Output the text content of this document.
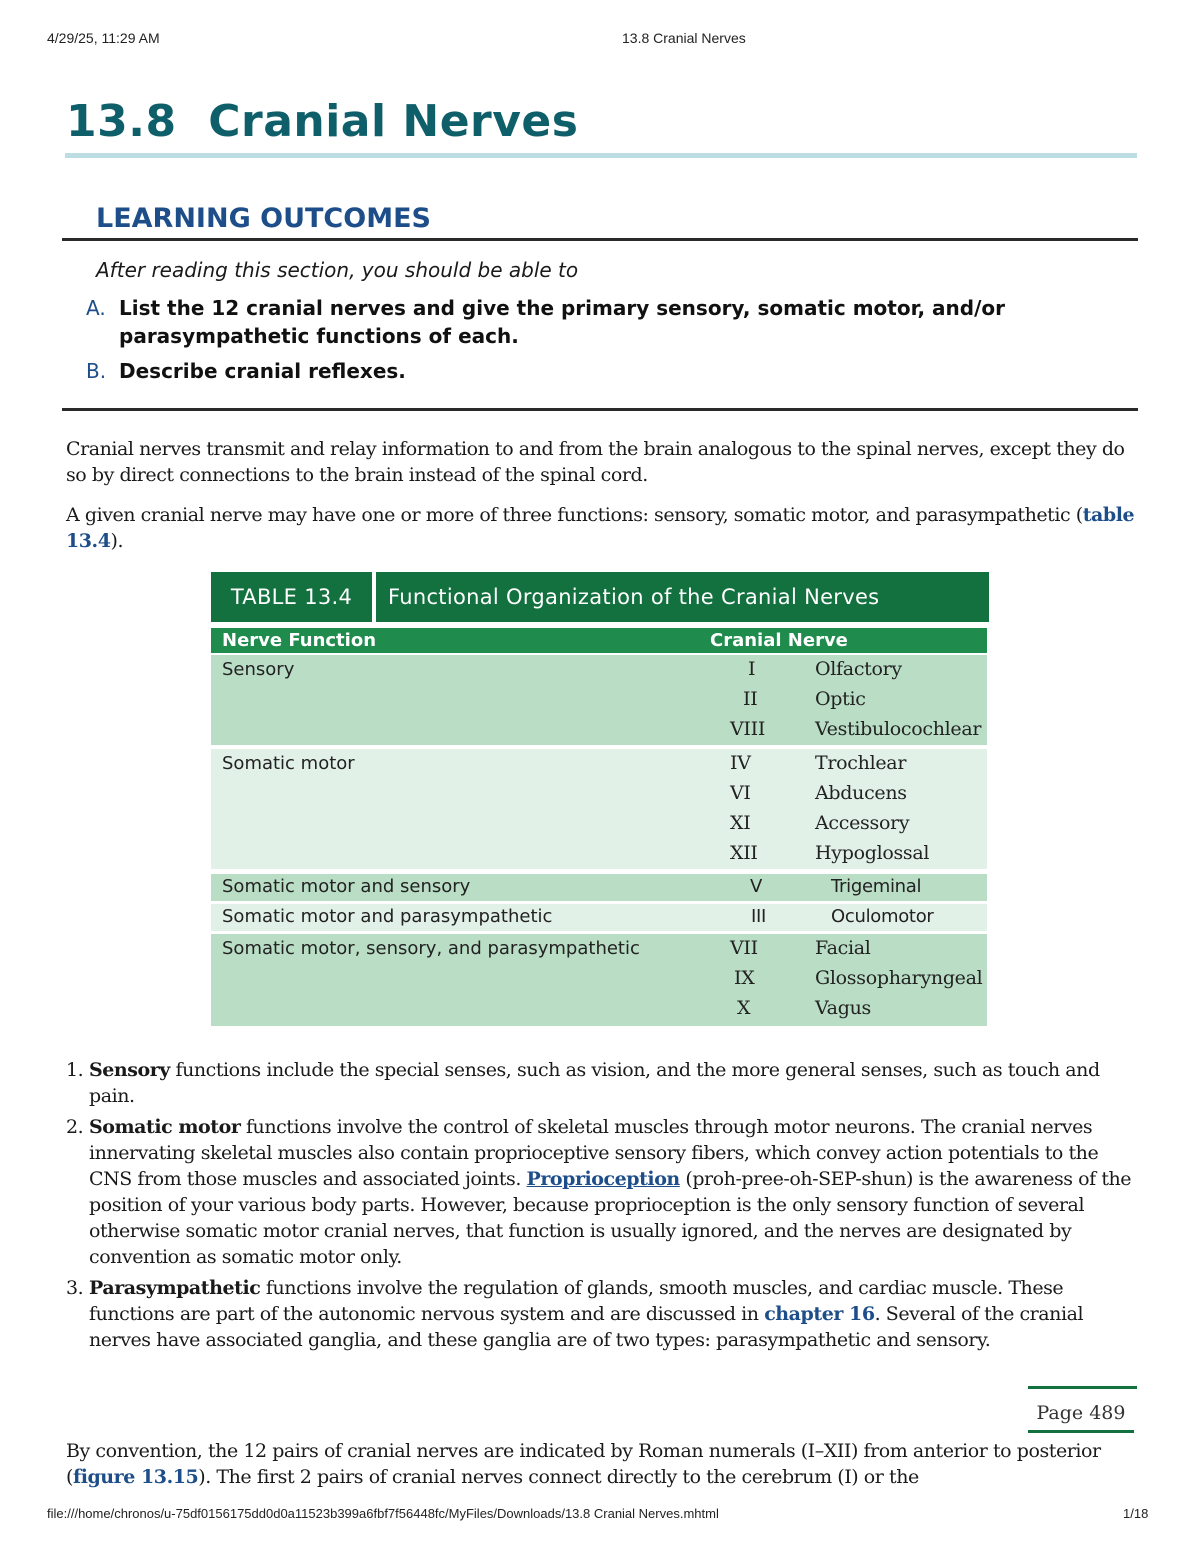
4/29/25, 11:29 AM	13.8 Cranial Nerves
13.8 Cranial Nerves
LEARNING OUTCOMES
After reading this section, you should be able to
A. List the 12 cranial nerves and give the primary sensory, somatic motor, and/or parasympathetic functions of each.
B. Describe cranial reflexes.

Cranial nerves transmit and relay information to and from the brain analogous to the spinal nerves, except they do so by direct connections to the brain instead of the spinal cord.

A given cranial nerve may have one or more of three functions: sensory, somatic motor, and parasympathetic (table 13.4).

TABLE 13.4	Functional Organization of the Cranial Nerves
Nerve Function	Cranial Nerve
Sensory	I	Olfactory
II	Optic
VIII	Vestibulocochlear
Somatic motor	IV	Trochlear
VI	Abducens
XI	Accessory
XII	Hypoglossal
Somatic motor and sensory	V	Trigeminal
Somatic motor and parasympathetic	III	Oculomotor
Somatic motor, sensory, and parasympathetic	VII	Facial
IX	Glossopharyngeal
X	Vagus
1. Sensory functions include the special senses, such as vision, and the more general senses, such as touch and pain.
2. Somatic motor functions involve the control of skeletal muscles through motor neurons. The cranial nerves innervating skeletal muscles also contain proprioceptive sensory fibers, which convey action potentials to the CNS from those muscles and associated joints. Proprioception (proh-pree-oh-SEP-shun) is the awareness of the position of your various body parts. However, because proprioception is the only sensory function of several otherwise somatic motor cranial nerves, that function is usually ignored, and the nerves are designated by convention as somatic motor only.
3. Parasympathetic functions involve the regulation of glands, smooth muscles, and cardiac muscle. These functions are part of the autonomic nervous system and are discussed in chapter 16. Several of the cranial nerves have associated ganglia, and these ganglia are of two types: parasympathetic and sensory.
Page 489

By convention, the 12 pairs of cranial nerves are indicated by Roman numerals (I–XII) from anterior to posterior (figure 13.15). The first 2 pairs of cranial nerves connect directly to the cerebrum (I) or the

file:///home/chronos/u-75df0156175dd0d0a11523b399a6fbf7f56448fc/MyFiles/Downloads/13.8 Cranial Nerves.mhtml	1/18
